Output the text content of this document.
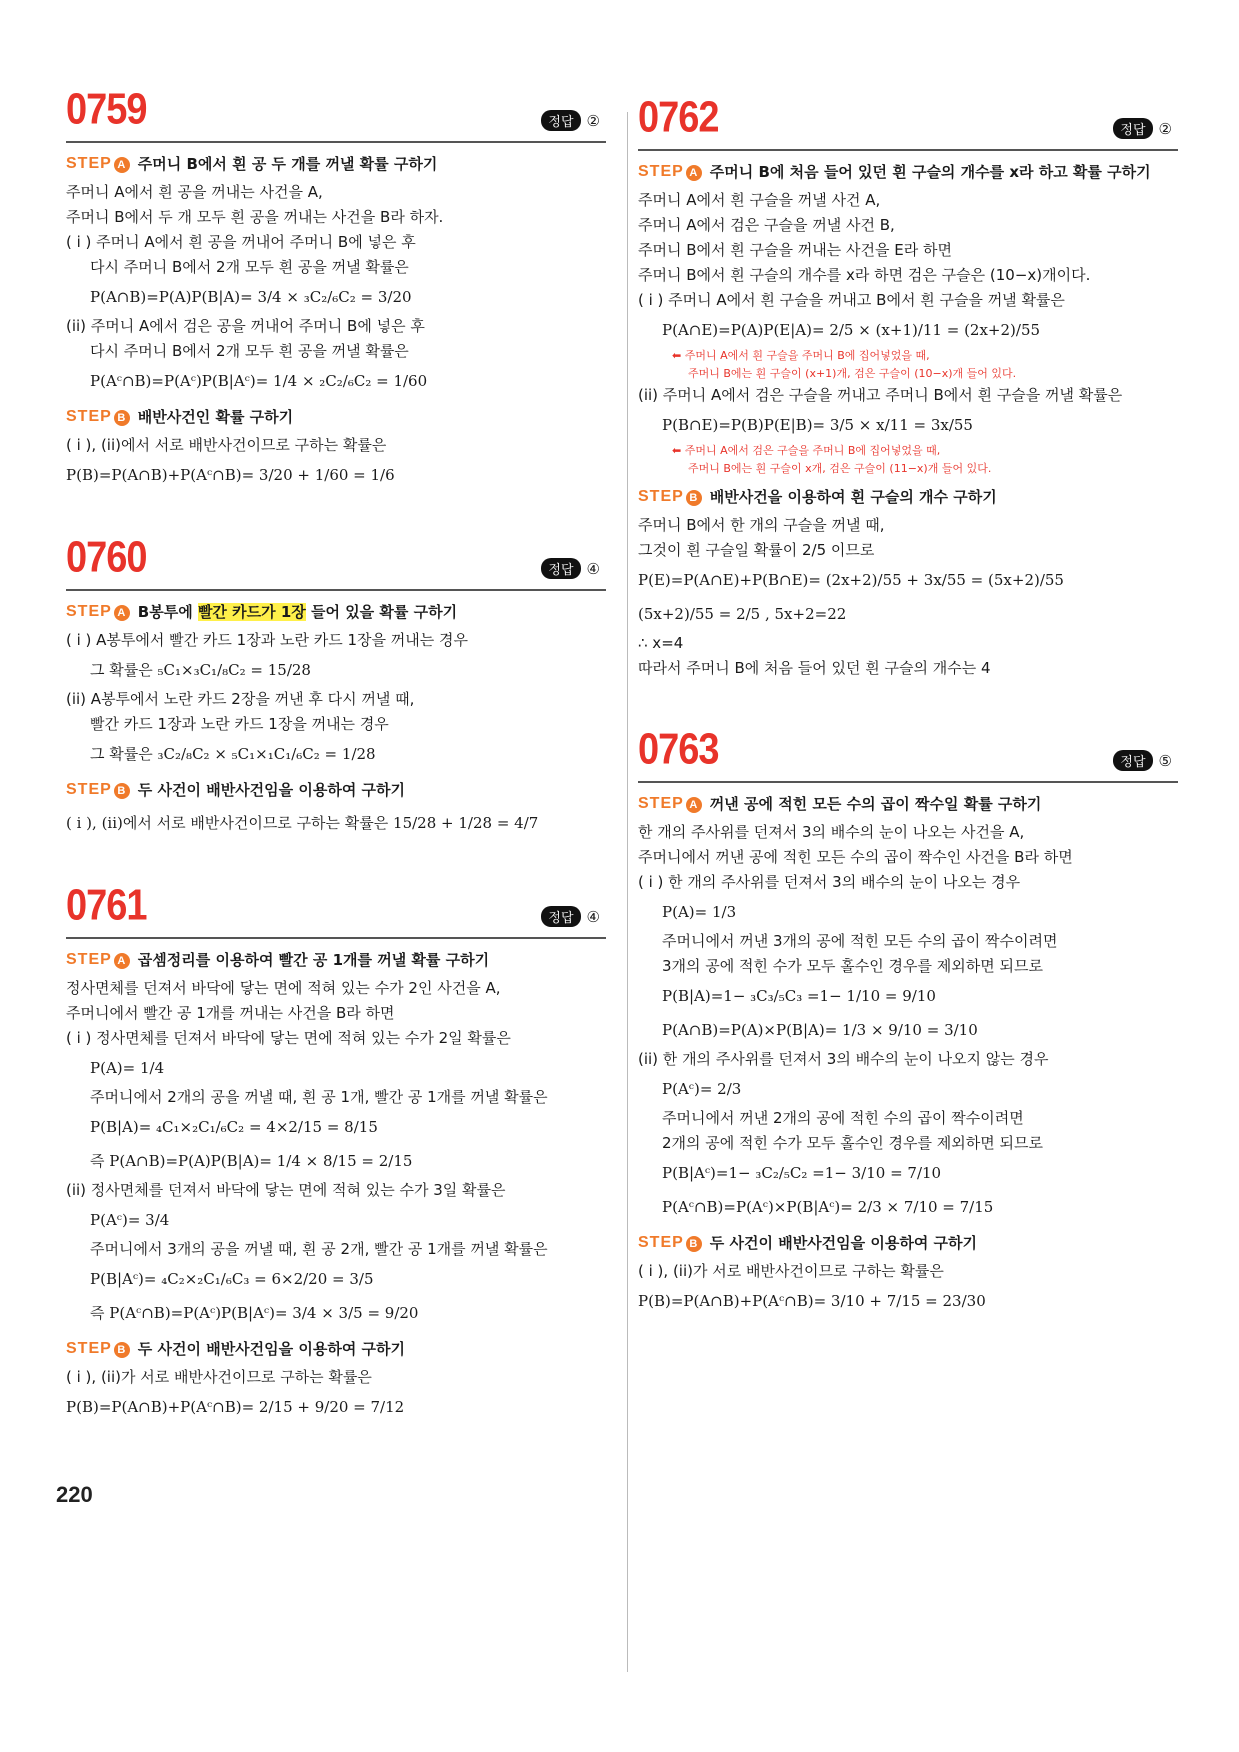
0759	정답 ②
STEP A 주머니 B에서 흰 공 두 개를 꺼낼 확률 구하기
주머니 A에서 흰 공을 꺼내는 사건을 A,
주머니 B에서 두 개 모두 흰 공을 꺼내는 사건을 B라 하자.
( i ) 주머니 A에서 흰 공을 꺼내어 주머니 B에 넣은 후
다시 주머니 B에서 2개 모두 흰 공을 꺼낼 확률은
P(A∩B)=P(A)P(B|A)= 3/4 × ₃C₂/₆C₂ = 3/20
(ii) 주머니 A에서 검은 공을 꺼내어 주머니 B에 넣은 후
다시 주머니 B에서 2개 모두 흰 공을 꺼낼 확률은
P(Aᶜ∩B)=P(Aᶜ)P(B|Aᶜ)= 1/4 × ₂C₂/₆C₂ = 1/60
STEP B 배반사건인 확률 구하기
( i ), (ii)에서 서로 배반사건이므로 구하는 확률은
P(B)=P(A∩B)+P(Aᶜ∩B)= 3/20 + 1/60 = 1/6
0760	정답 ④
STEP A B봉투에 빨간 카드가 1장 들어 있을 확률 구하기
( i ) A봉투에서 빨간 카드 1장과 노란 카드 1장을 꺼내는 경우
그 확률은 ₅C₁×₃C₁/₈C₂ = 15/28
(ii) A봉투에서 노란 카드 2장을 꺼낸 후 다시 꺼낼 때,
빨간 카드 1장과 노란 카드 1장을 꺼내는 경우
그 확률은 ₃C₂/₈C₂ × ₅C₁×₁C₁/₆C₂ = 1/28
STEP B 두 사건이 배반사건임을 이용하여 구하기
( i ), (ii)에서 서로 배반사건이므로 구하는 확률은 15/28 + 1/28 = 4/7
0761	정답 ④
STEP A 곱셈정리를 이용하여 빨간 공 1개를 꺼낼 확률 구하기
정사면체를 던져서 바닥에 닿는 면에 적혀 있는 수가 2인 사건을 A,
주머니에서 빨간 공 1개를 꺼내는 사건을 B라 하면
( i ) 정사면체를 던져서 바닥에 닿는 면에 적혀 있는 수가 2일 확률은
P(A)= 1/4
주머니에서 2개의 공을 꺼낼 때, 흰 공 1개, 빨간 공 1개를 꺼낼 확률은
P(B|A)= ₄C₁×₂C₁/₆C₂ = 4×2/15 = 8/15
즉 P(A∩B)=P(A)P(B|A)= 1/4 × 8/15 = 2/15
(ii) 정사면체를 던져서 바닥에 닿는 면에 적혀 있는 수가 3일 확률은
P(Aᶜ)= 3/4
주머니에서 3개의 공을 꺼낼 때, 흰 공 2개, 빨간 공 1개를 꺼낼 확률은
P(B|Aᶜ)= ₄C₂×₂C₁/₆C₃ = 6×2/20 = 3/5
즉 P(Aᶜ∩B)=P(Aᶜ)P(B|Aᶜ)= 3/4 × 3/5 = 9/20
STEP B 두 사건이 배반사건임을 이용하여 구하기
( i ), (ii)가 서로 배반사건이므로 구하는 확률은
P(B)=P(A∩B)+P(Aᶜ∩B)= 2/15 + 9/20 = 7/12
0762	정답 ②
STEP A 주머니 B에 처음 들어 있던 흰 구슬의 개수를 x라 하고 확률 구하기
주머니 A에서 흰 구슬을 꺼낼 사건 A,
주머니 A에서 검은 구슬을 꺼낼 사건 B,
주머니 B에서 흰 구슬을 꺼내는 사건을 E라 하면
주머니 B에서 흰 구슬의 개수를 x라 하면 검은 구슬은 (10−x)개이다.
( i ) 주머니 A에서 흰 구슬을 꺼내고 B에서 흰 구슬을 꺼낼 확률은
P(A∩E)=P(A)P(E|A)= 2/5 × (x+1)/11 = (2x+2)/55
⬅ 주머니 A에서 흰 구슬을 주머니 B에 집어넣었을 때,
주머니 B에는 흰 구슬이 (x+1)개, 검은 구슬이 (10−x)개 들어 있다.
(ii) 주머니 A에서 검은 구슬을 꺼내고 주머니 B에서 흰 구슬을 꺼낼 확률은
P(B∩E)=P(B)P(E|B)= 3/5 × x/11 = 3x/55
⬅ 주머니 A에서 검은 구슬을 주머니 B에 집어넣었을 때,
주머니 B에는 흰 구슬이 x개, 검은 구슬이 (11−x)개 들어 있다.
STEP B 배반사건을 이용하여 흰 구슬의 개수 구하기
주머니 B에서 한 개의 구슬을 꺼낼 때,
그것이 흰 구슬일 확률이 2/5 이므로
P(E)=P(A∩E)+P(B∩E)= (2x+2)/55 + 3x/55 = (5x+2)/55
(5x+2)/55 = 2/5 , 5x+2=22
∴ x=4
따라서 주머니 B에 처음 들어 있던 흰 구슬의 개수는 4
0763	정답 ⑤
STEP A 꺼낸 공에 적힌 모든 수의 곱이 짝수일 확률 구하기
한 개의 주사위를 던져서 3의 배수의 눈이 나오는 사건을 A,
주머니에서 꺼낸 공에 적힌 모든 수의 곱이 짝수인 사건을 B라 하면
( i ) 한 개의 주사위를 던져서 3의 배수의 눈이 나오는 경우
P(A)= 1/3
주머니에서 꺼낸 3개의 공에 적힌 모든 수의 곱이 짝수이려면
3개의 공에 적힌 수가 모두 홀수인 경우를 제외하면 되므로
P(B|A)=1− ₃C₃/₅C₃ =1− 1/10 = 9/10
P(A∩B)=P(A)×P(B|A)= 1/3 × 9/10 = 3/10
(ii) 한 개의 주사위를 던져서 3의 배수의 눈이 나오지 않는 경우
P(Aᶜ)= 2/3
주머니에서 꺼낸 2개의 공에 적힌 수의 곱이 짝수이려면
2개의 공에 적힌 수가 모두 홀수인 경우를 제외하면 되므로
P(B|Aᶜ)=1− ₃C₂/₅C₂ =1− 3/10 = 7/10
P(Aᶜ∩B)=P(Aᶜ)×P(B|Aᶜ)= 2/3 × 7/10 = 7/15
STEP B 두 사건이 배반사건임을 이용하여 구하기
( i ), (ii)가 서로 배반사건이므로 구하는 확률은
P(B)=P(A∩B)+P(Aᶜ∩B)= 3/10 + 7/15 = 23/30
220
